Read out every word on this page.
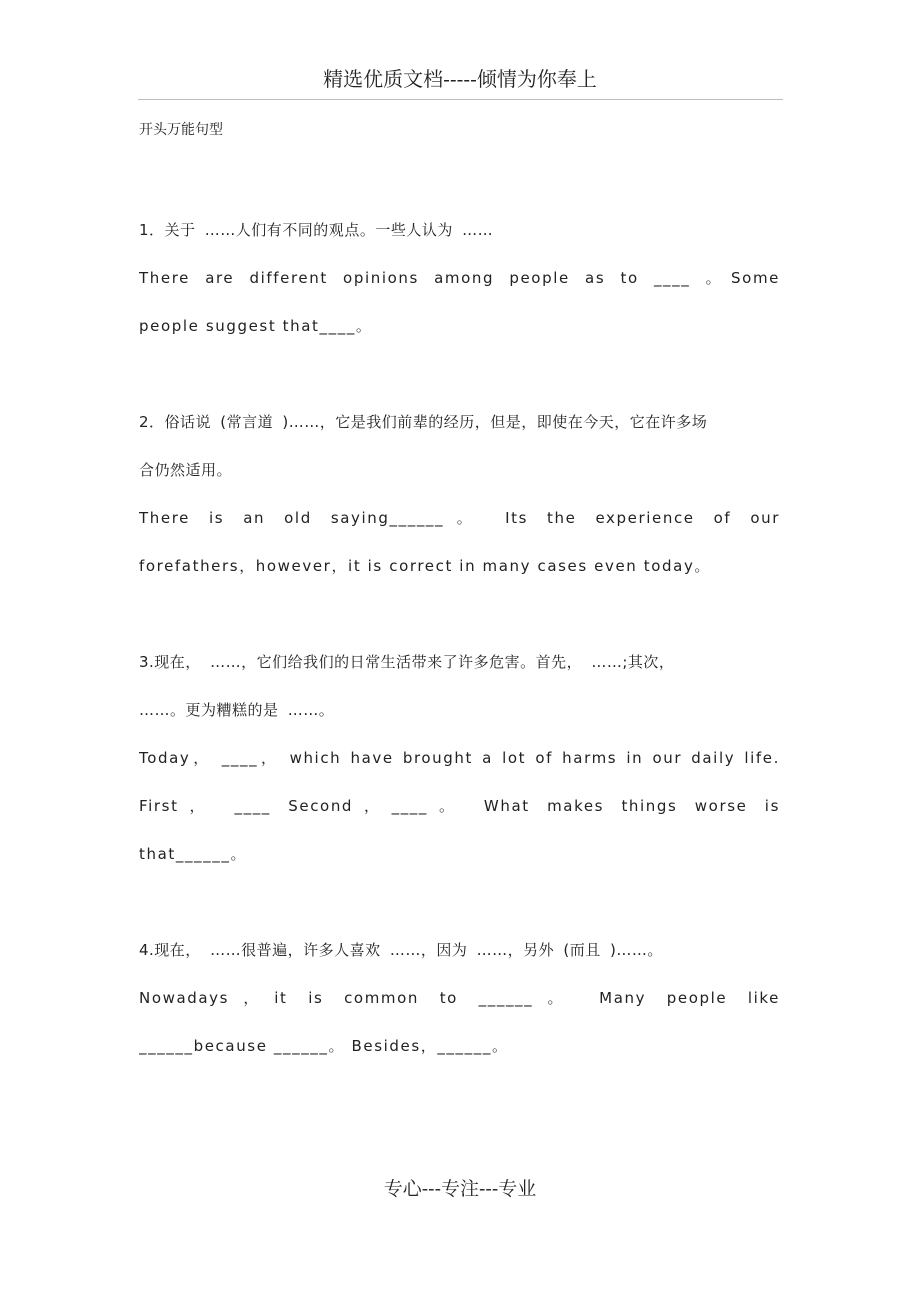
精选优质文档-----倾情为你奉上
开头万能句型
1．关于 ……人们有不同的观点。一些人认为 ……
There are different opinions among people as to ____ 。Some
people suggest that____。
2．俗话说 (常言道 )……，它是我们前辈的经历，但是，即使在今天，它在许多场
合仍然适用。
There is an old saying______。 Its the experience of our
forefathers，however，it is correct in many cases even today。
3.现在， ……，它们给我们的日常生活带来了许多危害。首先， ……;其次，
……。更为糟糕的是 ……。
Today， ____， which have brought a lot of harms in our daily life.
First， ____ Second，____。 What makes things worse is
that______。
4.现在， ……很普遍，许多人喜欢 ……，因为 ……，另外 (而且 )……。
Nowadays，it is common to ______。 Many people like
______because ______。 Besides，______。
专心---专注---专业
